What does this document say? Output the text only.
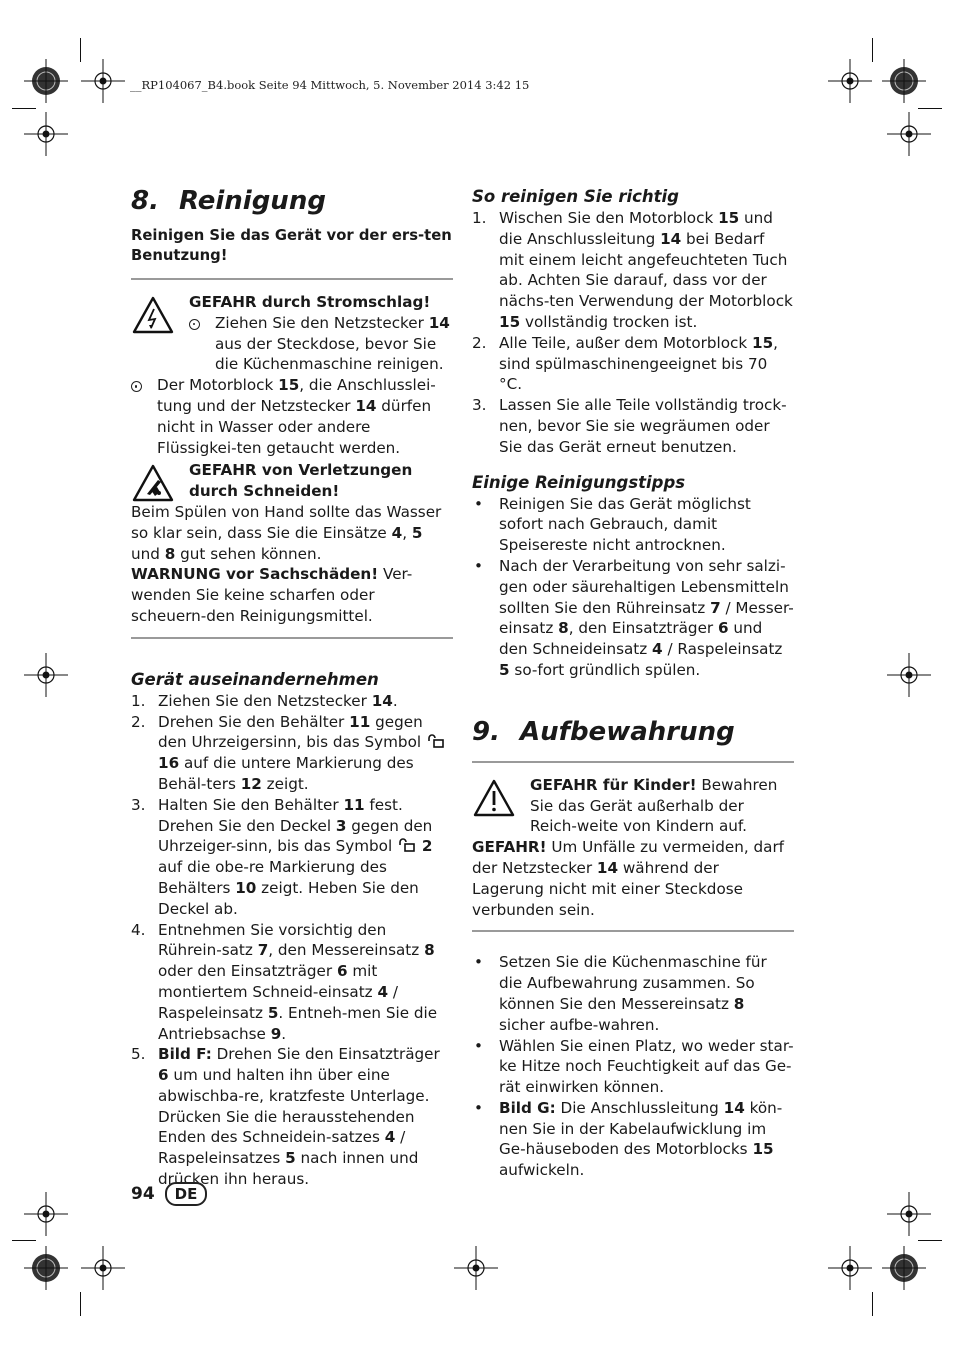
__RP104067_B4.book Seite 94 Mittwoch, 5. November 2014 3:42 15
8. Reinigung

Reinigen Sie das Gerät vor der ers-ten Benutzung!

GEFAHR durch Stromschlag!

Ziehen Sie den Netzstecker 14 aus der Steckdose, bevor Sie die Küchenmaschine reinigen.
Der Motorblock 15, die Anschlusslei-tung und der Netzstecker 14 dürfen nicht in Wasser oder andere Flüssigkei-ten getaucht werden.

GEFAHR von Verletzungen durch Schneiden!

Beim Spülen von Hand sollte das Wasser so klar sein, dass Sie die Einsätze 4, 5 und 8 gut sehen können.

WARNUNG vor Sachschäden! Ver-wenden Sie keine scharfen oder scheuern-den Reinigungsmittel.

Gerät auseinandernehmen
1. Ziehen Sie den Netzstecker 14.
2. Drehen Sie den Behälter 11 gegen den Uhrzeigersinn, bis das Symbol  16 auf die untere Markierung des Behäl-ters 12 zeigt.
3. Halten Sie den Behälter 11 fest. Drehen Sie den Deckel 3 gegen den Uhrzeiger-sinn, bis das Symbol  2 auf die obe-re Markierung des Behälters 10 zeigt. Heben Sie den Deckel ab.
4. Entnehmen Sie vorsichtig den Rührein-satz 7, den Messereinsatz 8 oder den Einsatzträger 6 mit montiertem Schneid-einsatz 4 / Raspeleinsatz 5. Entneh-men Sie die Antriebsachse 9.
5. Bild F: Drehen Sie den Einsatzträger 6 um und halten ihn über eine abwischba-re, kratzfeste Unterlage. Drücken Sie die herausstehenden Enden des Schneidein-satzes 4 / Raspeleinsatzes 5 nach innen und drücken ihn heraus.
So reinigen Sie richtig
1. Wischen Sie den Motorblock 15 und die Anschlussleitung 14 bei Bedarf mit einem leicht angefeuchteten Tuch ab. Achten Sie darauf, dass vor der nächs-ten Verwendung der Motorblock 15 vollständig trocken ist.
2. Alle Teile, außer dem Motorblock 15, sind spülmaschinengeeignet bis 70 °C.
3. Lassen Sie alle Teile vollständig trock-nen, bevor Sie sie wegräumen oder Sie das Gerät erneut benutzen.
Einige Reinigungstipps
• Reinigen Sie das Gerät möglichst sofort nach Gebrauch, damit Speisereste nicht antrocknen.
• Nach der Verarbeitung von sehr salzi-gen oder säurehaltigen Lebensmitteln sollten Sie den Rühreinsatz 7 / Messer-einsatz 8, den Einsatzträger 6 und den Schneideinsatz 4 / Raspeleinsatz 5 so-fort gründlich spülen.
9. Aufbewahrung

GEFAHR für Kinder! Bewahren Sie das Gerät außerhalb der Reich-weite von Kindern auf.

GEFAHR! Um Unfälle zu vermeiden, darf der Netzstecker 14 während der Lagerung nicht mit einer Steckdose verbunden sein.

• Setzen Sie die Küchenmaschine für die Aufbewahrung zusammen. So können Sie den Messereinsatz 8 sicher aufbe-wahren.
• Wählen Sie einen Platz, wo weder star-ke Hitze noch Feuchtigkeit auf das Ge-rät einwirken können.
• Bild G: Die Anschlussleitung 14 kön-nen Sie in der Kabelaufwicklung im Ge-häuseboden des Motorblocks 15 aufwickeln.
94	DE
